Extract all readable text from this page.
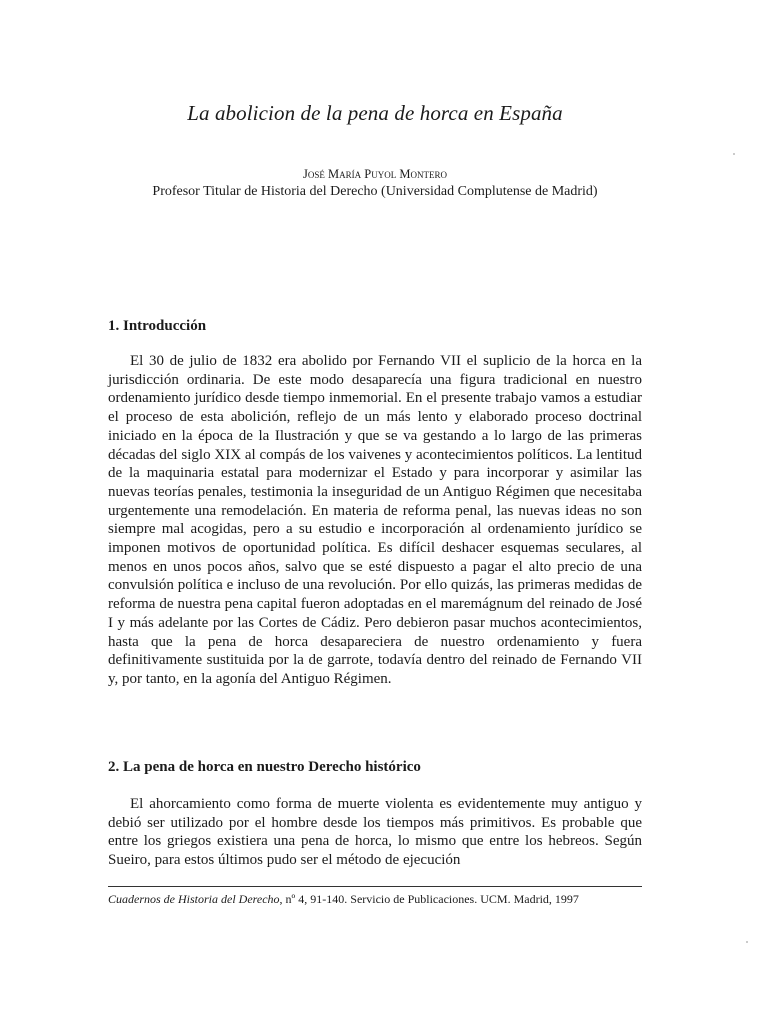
La abolicion de la pena de horca en España
José María Puyol Montero
Profesor Titular de Historia del Derecho (Universidad Complutense de Madrid)
1. Introducción

El 30 de julio de 1832 era abolido por Fernando VII el suplicio de la horca en la jurisdicción ordinaria. De este modo desaparecía una figura tradicional en nuestro ordenamiento jurídico desde tiempo inmemorial. En el presente trabajo vamos a estudiar el proceso de esta abolición, reflejo de un más lento y elaborado proceso doctrinal iniciado en la época de la Ilustración y que se va gestando a lo largo de las primeras décadas del siglo XIX al compás de los vaivenes y acontecimientos políticos. La lentitud de la maquinaria estatal para modernizar el Estado y para incorporar y asimilar las nuevas teorías penales, testimonia la inseguridad de un Antiguo Régimen que necesitaba urgentemente una remodelación. En materia de reforma penal, las nuevas ideas no son siempre mal acogidas, pero a su estudio e incorporación al ordenamiento jurídico se imponen motivos de oportunidad política. Es difícil deshacer esquemas seculares, al menos en unos pocos años, salvo que se esté dispuesto a pagar el alto precio de una convulsión política e incluso de una revolución. Por ello quizás, las primeras medidas de reforma de nuestra pena capital fueron adoptadas en el maremágnum del reinado de José I y más adelante por las Cortes de Cádiz. Pero debieron pasar muchos acontecimientos, hasta que la pena de horca desapareciera de nuestro ordenamiento y fuera definitivamente sustituida por la de garrote, todavía dentro del reinado de Fernando VII y, por tanto, en la agonía del Antiguo Régimen.

2. La pena de horca en nuestro Derecho histórico

El ahorcamiento como forma de muerte violenta es evidentemente muy antiguo y debió ser utilizado por el hombre desde los tiempos más primitivos. Es probable que entre los griegos existiera una pena de horca, lo mismo que entre los hebreos. Según Sueiro, para estos últimos pudo ser el método de ejecución

Cuadernos de Historia del Derecho, nº 4, 91-140. Servicio de Publicaciones. UCM. Madrid, 1997
